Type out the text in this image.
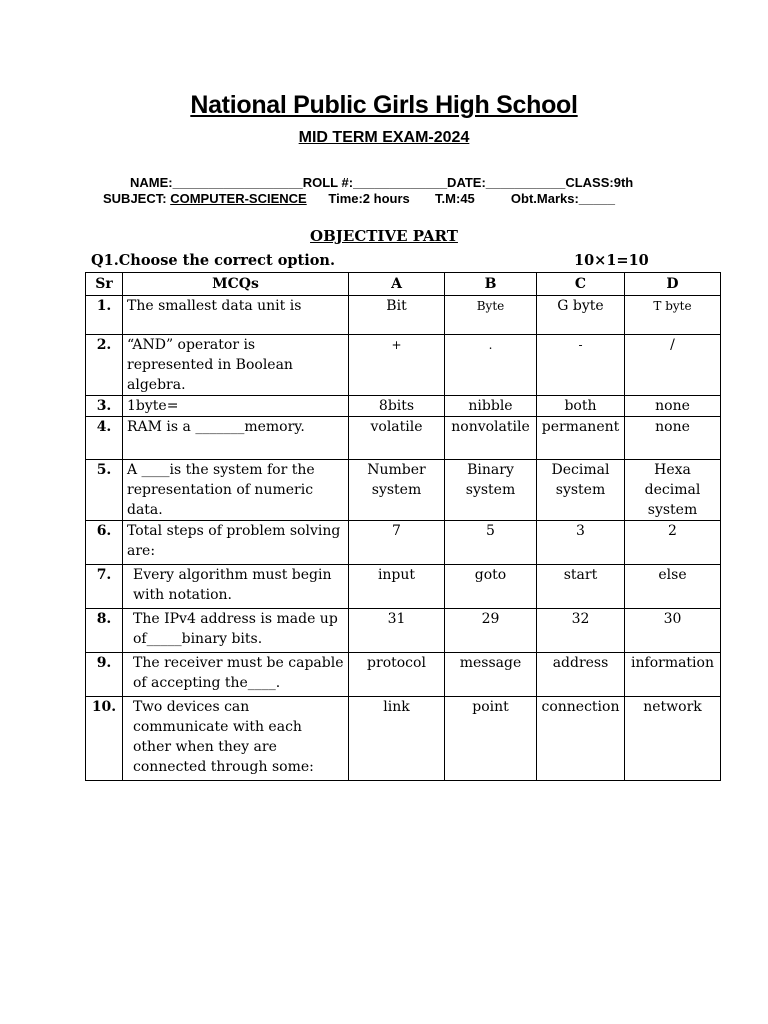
National Public Girls High School
MID TERM EXAM-2024
NAME:__________________ROLL #:_____________DATE:___________CLASS:9th
SUBJECT: COMPUTER-SCIENCE      Time:2 hours       T.M:45          Obt.Marks:_____
OBJECTIVE PART
Q1.Choose the correct option.	10×1=10
Sr	MCQs	A	B	C	D
1.	The smallest data unit is	Bit	Byte	G byte	T byte
2.	“AND” operator is represented in Boolean algebra.	+	.	-	/
3.	1byte=	8bits	nibble	both	none
4.	RAM is a _______memory.	volatile	nonvolatile	permanent	none
5.	A ____is the system for the representation of numeric data.	Number system	Binary system	Decimal system	Hexa decimal system
6.	Total steps of problem solving are:	7	5	3	2
7.	Every algorithm must begin with notation.	input	goto	start	else
8.	The IPv4 address is made up of_____binary bits.	31	29	32	30
9.	The receiver must be capable of accepting the____.	protocol	message	address	information
10.	Two devices can communicate with each other when they are connected through some:	link	point	connection	network
